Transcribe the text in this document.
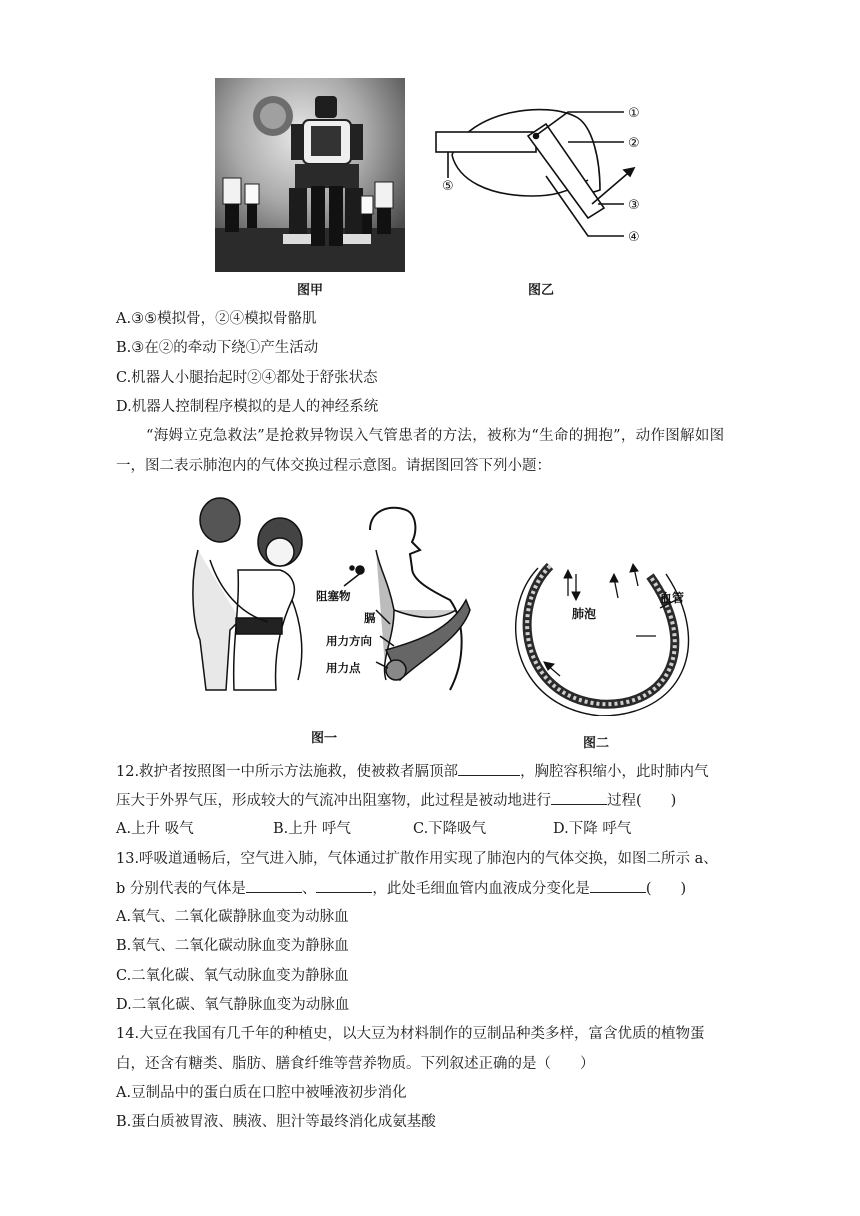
图甲
①
②
③
④
⑤
图乙
A.③⑤模拟骨，②④模拟骨骼肌
B.③在②的牵动下绕①产生活动
C.机器人小腿抬起时②④都处于舒张状态
D.机器人控制程序模拟的是人的神经系统
“海姆立克急救法”是抢救异物误入气管患者的方法，被称为“生命的拥抱”，动作图解如图
一，图二表示肺泡内的气体交换过程示意图。请据图回答下列小题：
阻塞物
膈
用力方向
用力点
肺泡
血管
图一	图二
12.救护者按照图一中所示方法施救，使被救者膈顶部	，胸腔容积缩小，此时肺内气
压大于外界气压，形成较大的气流冲出阻塞物，此过程是被动地进行	过程(　　)
A.上升 吸气	B.上升 呼气	C.下降吸气	D.下降 呼气
13.呼吸道通畅后，空气进入肺，气体通过扩散作用实现了肺泡内的气体交换，如图二所示 a、
b 分别代表的气体是	、	，此处毛细血管内血液成分变化是	(　　)
A.氧气、二氧化碳静脉血变为动脉血
B.氧气、二氧化碳动脉血变为静脉血
C.二氧化碳、氧气动脉血变为静脉血
D.二氧化碳、氧气静脉血变为动脉血
14.大豆在我国有几千年的种植史，以大豆为材料制作的豆制品种类多样，富含优质的植物蛋
白，还含有糖类、脂肪、膳食纤维等营养物质。下列叙述正确的是（　　）
A.豆制品中的蛋白质在口腔中被唾液初步消化
B.蛋白质被胃液、胰液、胆汁等最终消化成氨基酸
